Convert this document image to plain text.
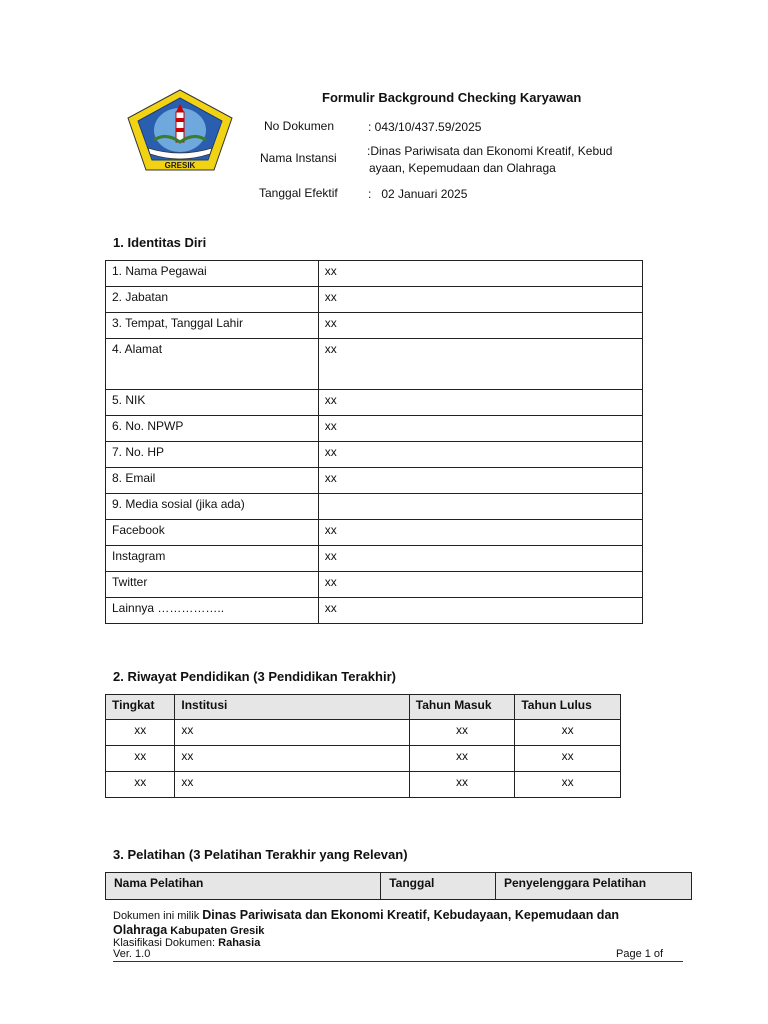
GRESIK
Formulir Background Checking Karyawan
No Dokumen	: 043/10/437.59/2025
Nama Instansi	:Dinas Pariwisata dan Ekonomi Kreatif, Kebud
ayaan, Kepemudaan dan Olahraga
Tanggal Efektif	:   02 Januari 2025
1. Identitas Diri
1. Nama Pegawai	xx
2. Jabatan	xx
3. Tempat, Tanggal Lahir	xx
4. Alamat	xx
5. NIK	xx
6. No. NPWP	xx
7. No. HP	xx
8. Email	xx
9. Media sosial (jika ada)	
Facebook	xx
Instagram	xx
Twitter	xx
Lainnya ……………..	xx
2. Riwayat Pendidikan (3 Pendidikan Terakhir)
Tingkat	Institusi	Tahun Masuk	Tahun Lulus
xx	xx	xx	xx
xx	xx	xx	xx
xx	xx	xx	xx
3. Pelatihan (3 Pelatihan Terakhir yang Relevan)
Nama Pelatihan	Tanggal	Penyelenggara Pelatihan
Dokumen ini milik Dinas Pariwisata dan Ekonomi Kreatif, Kebudayaan, Kepemudaan dan
Olahraga Kabupaten Gresik
Klasifikasi Dokumen: Rahasia
Ver. 1.0	Page 1 of
